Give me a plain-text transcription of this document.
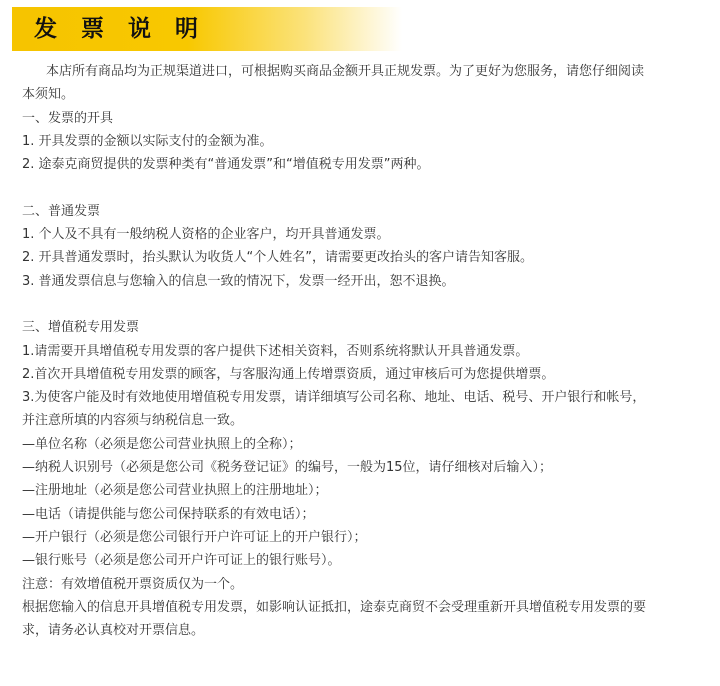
发 票 说 明
本店所有商品均为正规渠道进口，可根据购买商品金额开具正规发票。为了更好为您服务，请您仔细阅读
本须知。
一、发票的开具
1. 开具发票的金额以实际支付的金额为准。
2. 途泰克商贸提供的发票种类有“普通发票”和“增值税专用发票”两种。
二、普通发票
1. 个人及不具有一般纳税人资格的企业客户，均开具普通发票。
2. 开具普通发票时，抬头默认为收货人“个人姓名”，请需要更改抬头的客户请告知客服。
3. 普通发票信息与您输入的信息一致的情况下，发票一经开出，恕不退换。
三、增值税专用发票
1.请需要开具增值税专用发票的客户提供下述相关资料，否则系统将默认开具普通发票。
2.首次开具增值税专用发票的顾客，与客服沟通上传增票资质，通过审核后可为您提供增票。
3.为使客户能及时有效地使用增值税专用发票，请详细填写公司名称、地址、电话、税号、开户银行和帐号，
并注意所填的内容须与纳税信息一致。
—单位名称（必须是您公司营业执照上的全称）；
—纳税人识别号（必须是您公司《税务登记证》的编号，一般为15位，请仔细核对后输入）；
—注册地址（必须是您公司营业执照上的注册地址）；
—电话（请提供能与您公司保持联系的有效电话）；
—开户银行（必须是您公司银行开户许可证上的开户银行）；
—银行账号（必须是您公司开户许可证上的银行账号）。
注意：有效增值税开票资质仅为一个。
根据您输入的信息开具增值税专用发票，如影响认证抵扣，途泰克商贸不会受理重新开具增值税专用发票的要
求，请务必认真校对开票信息。
